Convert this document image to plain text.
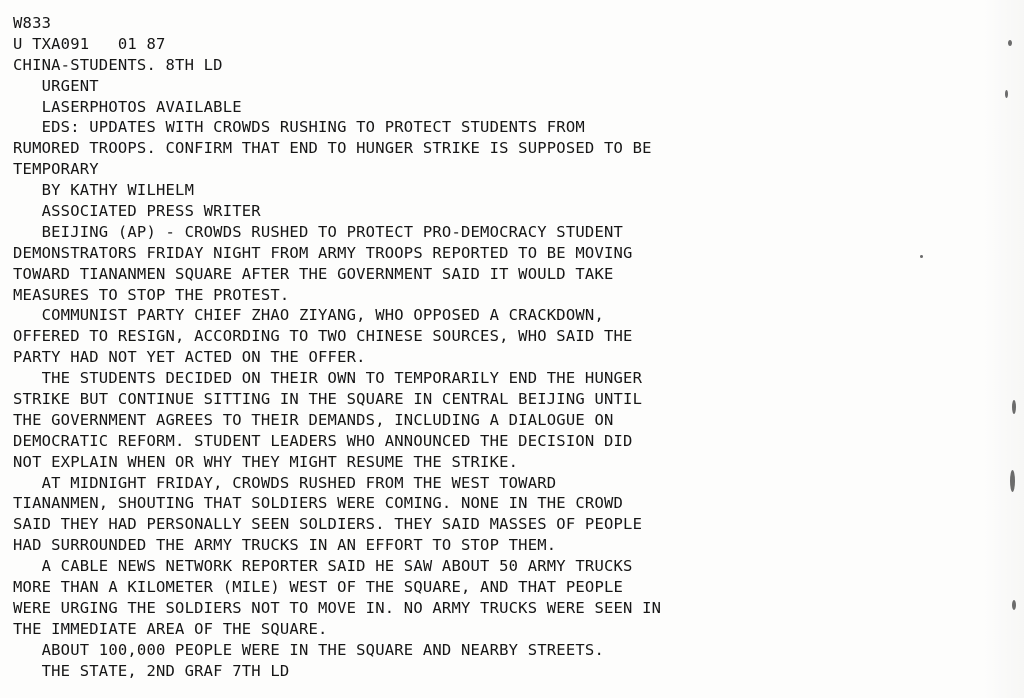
W833
U TXA091   01 87
CHINA-STUDENTS. 8TH LD
URGENT
LASERPHOTOS AVAILABLE
EDS: UPDATES WITH CROWDS RUSHING TO PROTECT STUDENTS FROM
RUMORED TROOPS. CONFIRM THAT END TO HUNGER STRIKE IS SUPPOSED TO BE
TEMPORARY
BY KATHY WILHELM
ASSOCIATED PRESS WRITER
BEIJING (AP) - CROWDS RUSHED TO PROTECT PRO-DEMOCRACY STUDENT
DEMONSTRATORS FRIDAY NIGHT FROM ARMY TROOPS REPORTED TO BE MOVING
TOWARD TIANANMEN SQUARE AFTER THE GOVERNMENT SAID IT WOULD TAKE
MEASURES TO STOP THE PROTEST.
COMMUNIST PARTY CHIEF ZHAO ZIYANG, WHO OPPOSED A CRACKDOWN,
OFFERED TO RESIGN, ACCORDING TO TWO CHINESE SOURCES, WHO SAID THE
PARTY HAD NOT YET ACTED ON THE OFFER.
THE STUDENTS DECIDED ON THEIR OWN TO TEMPORARILY END THE HUNGER
STRIKE BUT CONTINUE SITTING IN THE SQUARE IN CENTRAL BEIJING UNTIL
THE GOVERNMENT AGREES TO THEIR DEMANDS, INCLUDING A DIALOGUE ON
DEMOCRATIC REFORM. STUDENT LEADERS WHO ANNOUNCED THE DECISION DID
NOT EXPLAIN WHEN OR WHY THEY MIGHT RESUME THE STRIKE.
AT MIDNIGHT FRIDAY, CROWDS RUSHED FROM THE WEST TOWARD
TIANANMEN, SHOUTING THAT SOLDIERS WERE COMING. NONE IN THE CROWD
SAID THEY HAD PERSONALLY SEEN SOLDIERS. THEY SAID MASSES OF PEOPLE
HAD SURROUNDED THE ARMY TRUCKS IN AN EFFORT TO STOP THEM.
A CABLE NEWS NETWORK REPORTER SAID HE SAW ABOUT 50 ARMY TRUCKS
MORE THAN A KILOMETER (MILE) WEST OF THE SQUARE, AND THAT PEOPLE
WERE URGING THE SOLDIERS NOT TO MOVE IN. NO ARMY TRUCKS WERE SEEN IN
THE IMMEDIATE AREA OF THE SQUARE.
ABOUT 100,000 PEOPLE WERE IN THE SQUARE AND NEARBY STREETS.
THE STATE, 2ND GRAF 7TH LD
